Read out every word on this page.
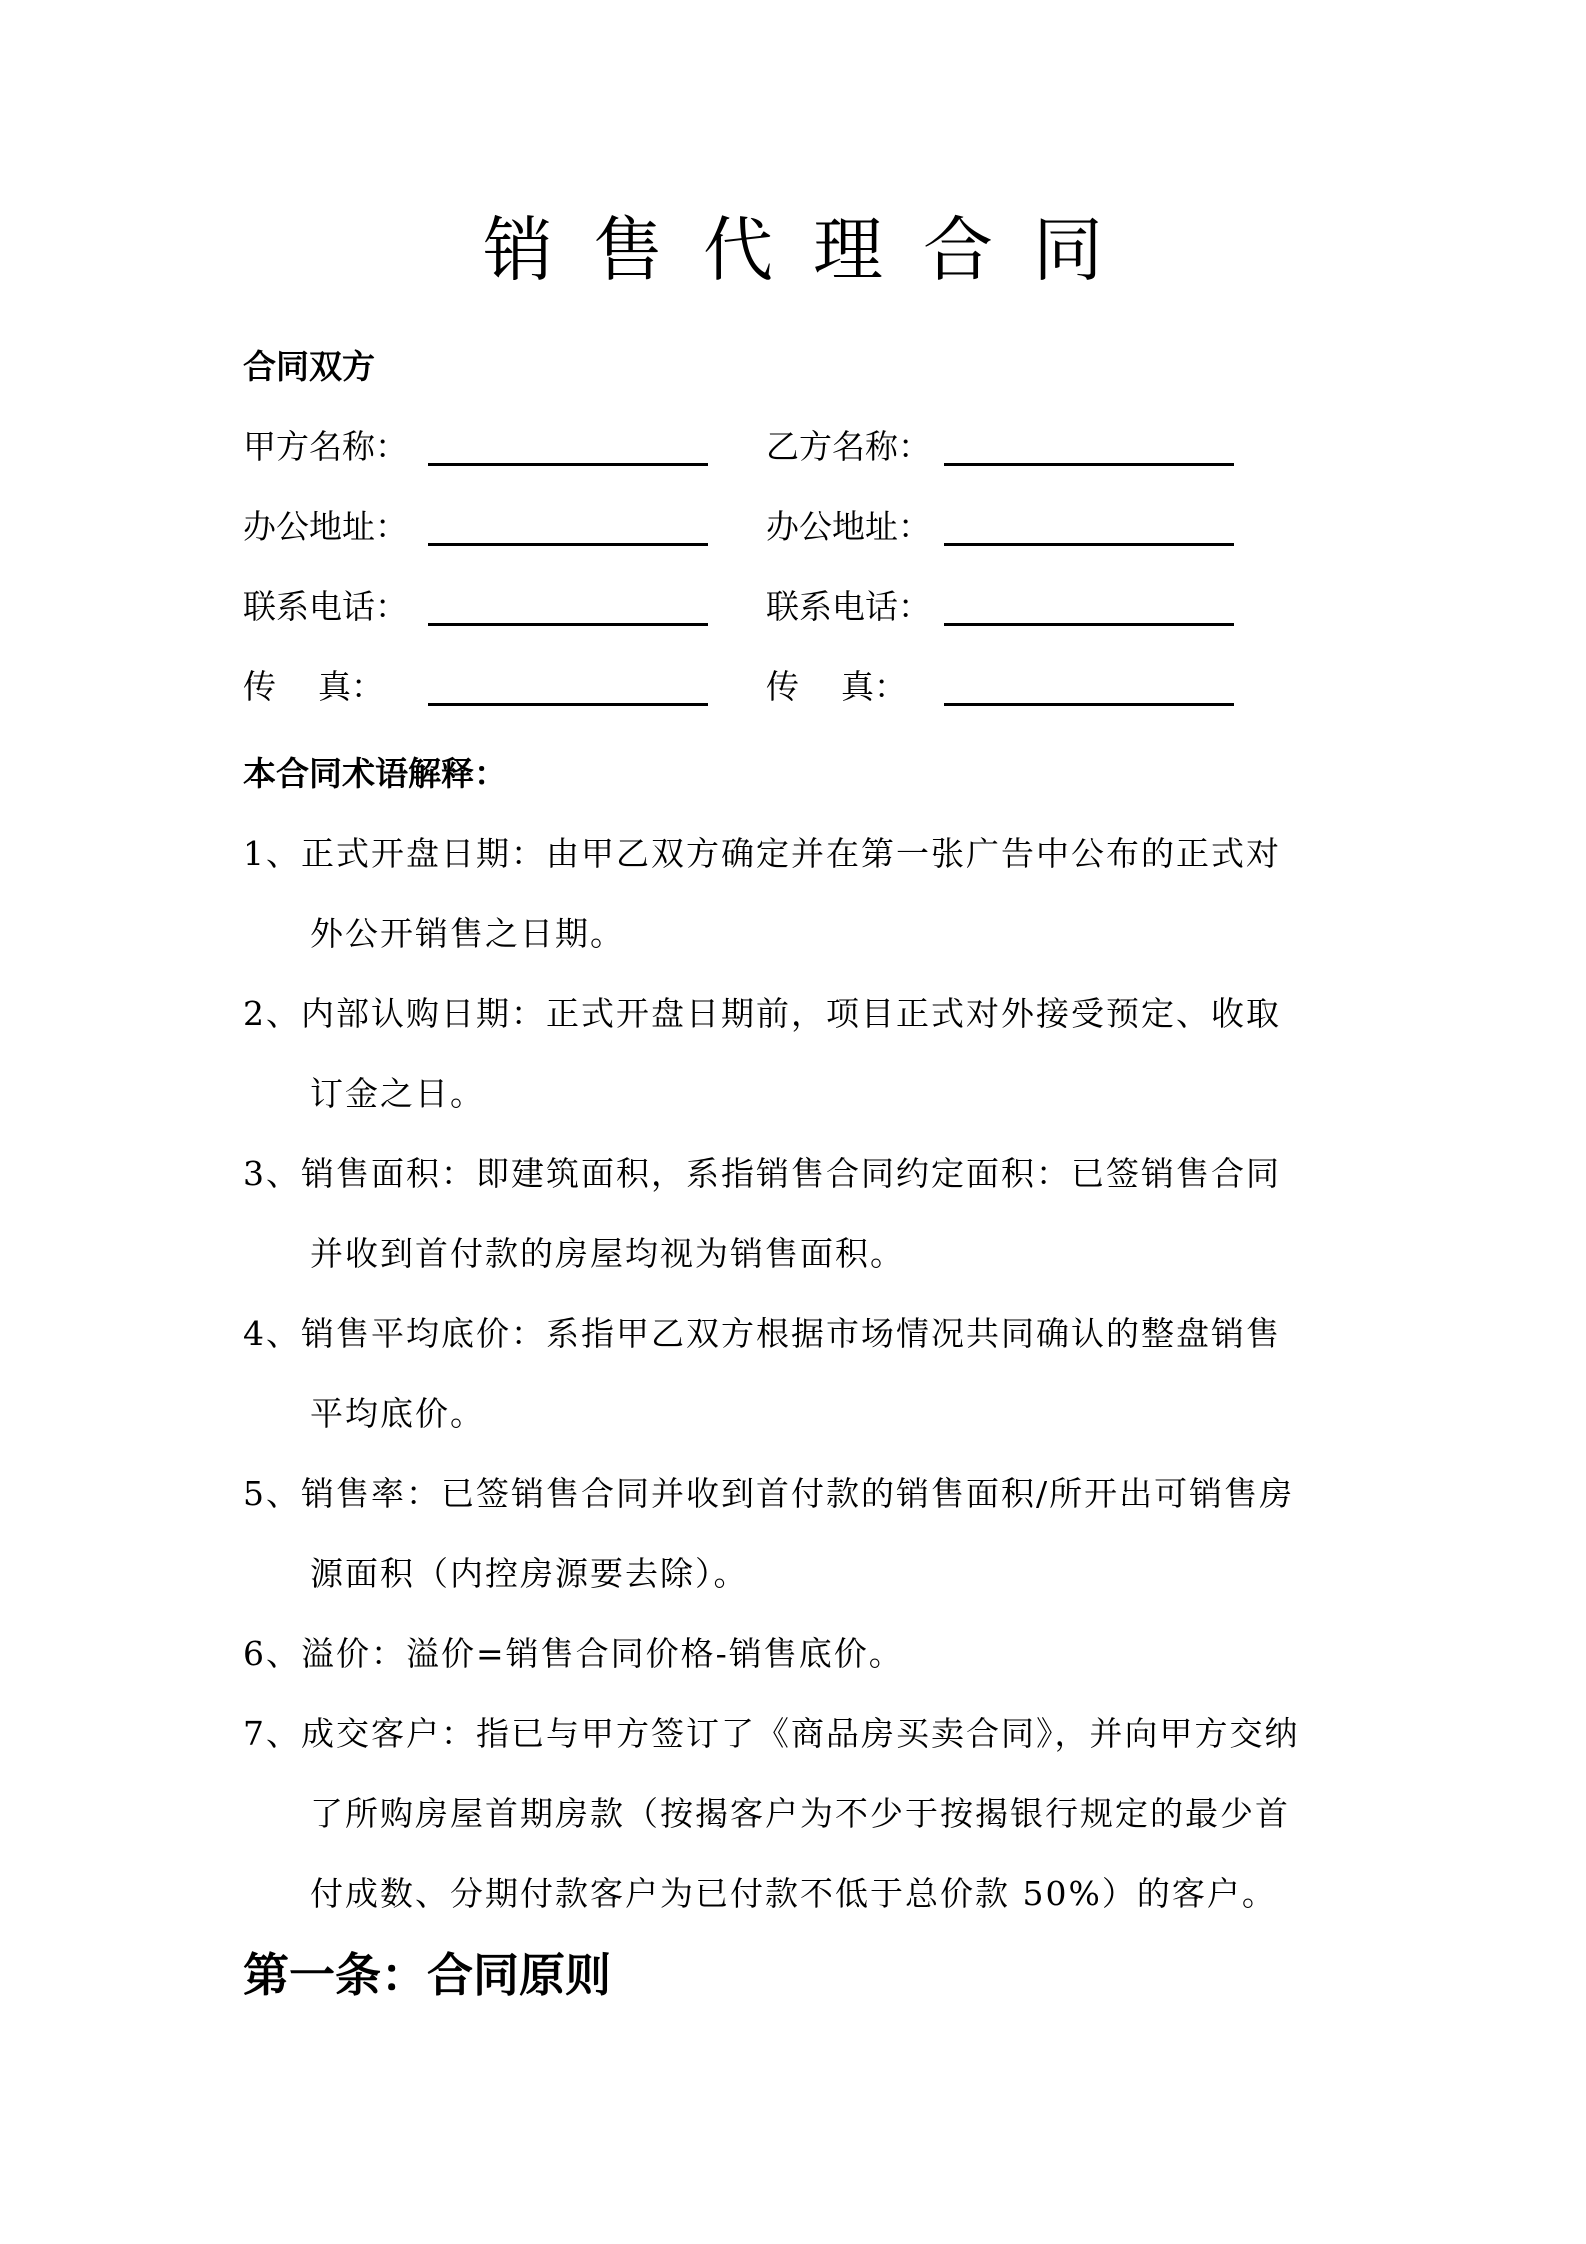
销售代理合同
合同双方
甲方名称：	乙方名称：
办公地址：	办公地址：
联系电话：	联系电话：
传    真：	传    真：
本合同术语解释：
1、正式开盘日期：由甲乙双方确定并在第一张广告中公布的正式对
外公开销售之日期。
2、内部认购日期：正式开盘日期前，项目正式对外接受预定、收取
订金之日。
3、销售面积：即建筑面积，系指销售合同约定面积：已签销售合同
并收到首付款的房屋均视为销售面积。
4、销售平均底价：系指甲乙双方根据市场情况共同确认的整盘销售
平均底价。
5、销售率：已签销售合同并收到首付款的销售面积/所开出可销售房
源面积（内控房源要去除）。
6、溢价：溢价=销售合同价格-销售底价。
7、成交客户：指已与甲方签订了《商品房买卖合同》，并向甲方交纳
了所购房屋首期房款（按揭客户为不少于按揭银行规定的最少首
付成数、分期付款客户为已付款不低于总价款 50%）的客户。
第一条：合同原则
